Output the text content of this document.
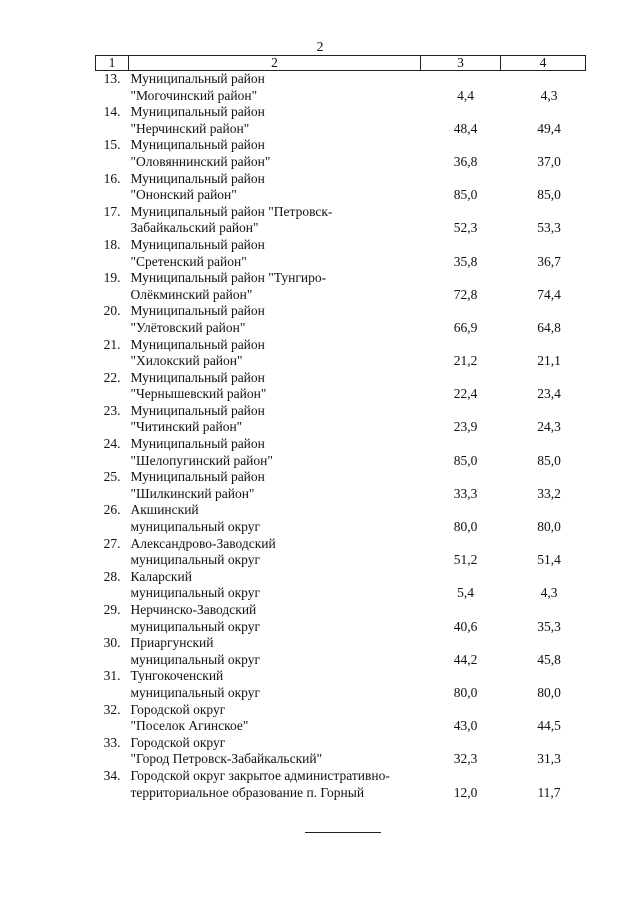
2
1	2	3	4
13.	Муниципальный район
"Могочинский район"	4,4	4,3
14.	Муниципальный район
"Нерчинский район"	48,4	49,4
15.	Муниципальный район
"Оловяннинский район"	36,8	37,0
16.	Муниципальный район
"Ононский район"	85,0	85,0
17.	Муниципальный район "Петровск-
Забайкальский район"	52,3	53,3
18.	Муниципальный район
"Сретенский район"	35,8	36,7
19.	Муниципальный район "Тунгиро-
Олёкминский район"	72,8	74,4
20.	Муниципальный район
"Улётовский район"	66,9	64,8
21.	Муниципальный район
"Хилокский район"	21,2	21,1
22.	Муниципальный район
"Чернышевский район"	22,4	23,4
23.	Муниципальный район
"Читинский район"	23,9	24,3
24.	Муниципальный район
"Шелопугинский район"	85,0	85,0
25.	Муниципальный район
"Шилкинский район"	33,3	33,2
26.	Акшинский
муниципальный округ	80,0	80,0
27.	Александрово-Заводский
муниципальный округ	51,2	51,4
28.	Каларский
муниципальный округ	5,4	4,3
29.	Нерчинско-Заводский
муниципальный округ	40,6	35,3
30.	Приаргунский
муниципальный округ	44,2	45,8
31.	Тунгокоченский
муниципальный округ	80,0	80,0
32.	Городской округ
"Поселок Агинское"	43,0	44,5
33.	Городской округ
"Город Петровск-Забайкальский"	32,3	31,3
34.	Городской округ закрытое административно-
территориальное образование п. Горный	12,0	11,7
